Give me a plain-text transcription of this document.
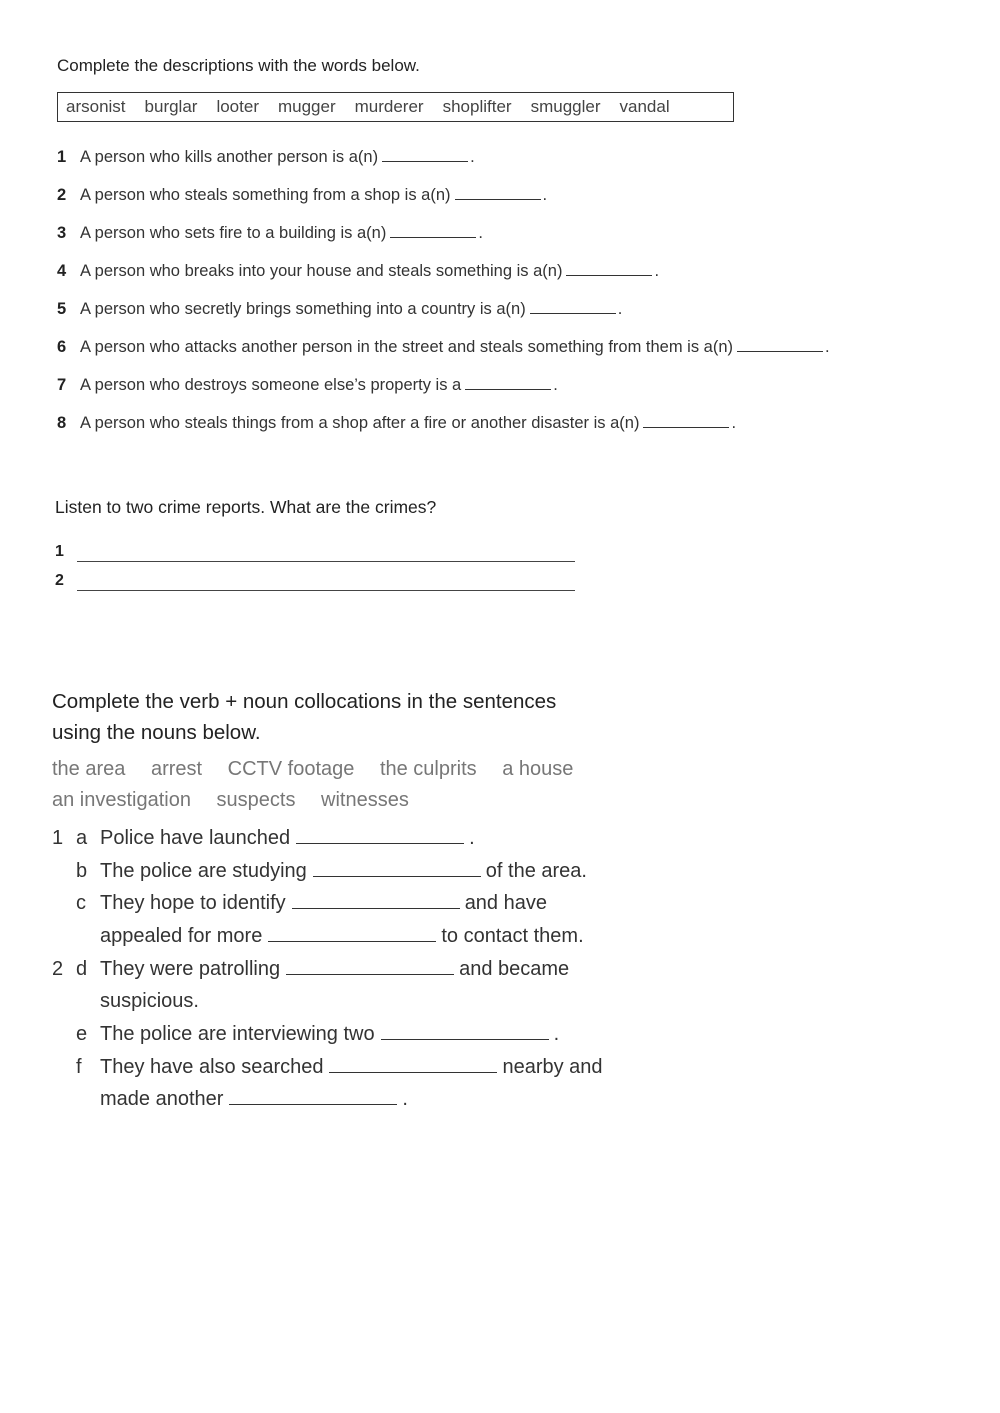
Complete the descriptions with the words below.
arsonist burglar looter mugger murderer shoplifter smuggler vandal
1 A person who kills another person is a(n)	.
2 A person who steals something from a shop is a(n)	.
3 A person who sets fire to a building is a(n)	.
4 A person who breaks into your house and steals something is a(n)	.
5 A person who secretly brings something into a country is a(n)	.
6 A person who attacks another person in the street and steals something from them is a(n)	.
7 A person who destroys someone else’s property is a	.
8 A person who steals things from a shop after a fire or another disaster is a(n)	.
Listen to two crime reports. What are the crimes?
1
2
Complete the verb + noun collocations in the sentences
using the nouns below.
the area arrest CCTV footage the culprits a house
an investigation suspects witnesses
1 a Police have launched	.
b The police are studying	of the area.
c They hope to identify	and have
appealed for more	to contact them.
2 d They were patrolling	and became
suspicious.
e The police are interviewing two	.
f They have also searched	nearby and
made another	.
